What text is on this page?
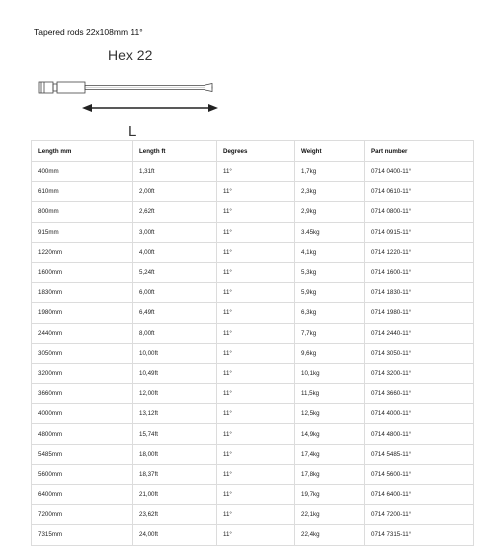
Tapered rods 22x108mm 11°
Hex 22
L
Length mm	Length ft	Degrees	Weight	Part number
400mm	1,31ft	11°	1,7kg	0714 0400-11°
610mm	2,00ft	11°	2,3kg	0714 0610-11°
800mm	2,62ft	11°	2,9kg	0714 0800-11°
915mm	3,00ft	11°	3.45kg	0714 0915-11°
1220mm	4,00ft	11°	4,1kg	0714 1220-11°
1600mm	5,24ft	11°	5,3kg	0714 1600-11°
1830mm	6,00ft	11°	5,9kg	0714 1830-11°
1980mm	6,49ft	11°	6,3kg	0714 1980-11°
2440mm	8,00ft	11°	7,7kg	0714 2440-11°
3050mm	10,00ft	11°	9,6kg	0714 3050-11°
3200mm	10,49ft	11°	10,1kg	0714 3200-11°
3660mm	12,00ft	11°	11,5kg	0714 3660-11°
4000mm	13,12ft	11°	12,5kg	0714 4000-11°
4800mm	15,74ft	11°	14,9kg	0714 4800-11°
5485mm	18,00ft	11°	17,4kg	0714 5485-11°
5600mm	18,37ft	11°	17,8kg	0714 5600-11°
6400mm	21,00ft	11°	19,7kg	0714 6400-11°
7200mm	23,62ft	11°	22,1kg	0714 7200-11°
7315mm	24,00ft	11°	22,4kg	0714 7315-11°
